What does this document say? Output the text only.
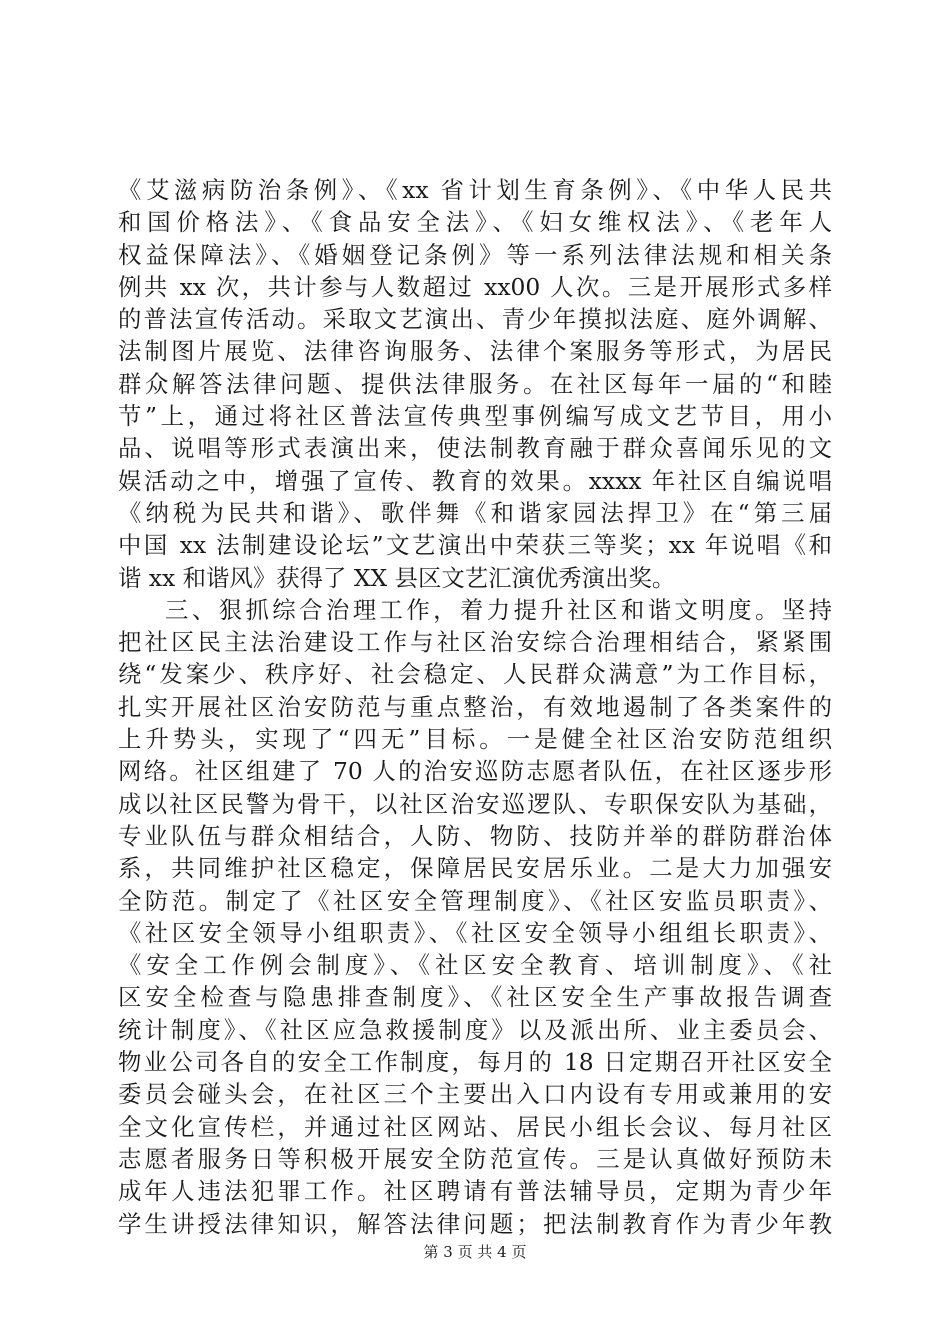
《艾滋病防治条例》、《xx 省计划生育条例》、《中华人民共
和国价格法》、《食品安全法》、《妇女维权法》、《老年人
权益保障法》、《婚姻登记条例》等一系列法律法规和相关条
例共 xx 次，共计参与人数超过 xx00 人次。三是开展形式多样
的普法宣传活动。采取文艺演出、青少年摸拟法庭、庭外调解、
法制图片展览、法律咨询服务、法律个案服务等形式，为居民
群众解答法律问题、提供法律服务。在社区每年一届的“和睦
节”上，通过将社区普法宣传典型事例编写成文艺节目，用小
品、说唱等形式表演出来，使法制教育融于群众喜闻乐见的文
娱活动之中，增强了宣传、教育的效果。xxxx 年社区自编说唱
《纳税为民共和谐》、歌伴舞《和谐家园法捍卫》在“第三届
中国 xx 法制建设论坛”文艺演出中荣获三等奖；xx 年说唱《和
谐 xx 和谐风》获得了 XX 县区文艺汇演优秀演出奖。
三、狠抓综合治理工作，着力提升社区和谐文明度。坚持
把社区民主法治建设工作与社区治安综合治理相结合，紧紧围
绕“发案少、秩序好、社会稳定、人民群众满意”为工作目标，
扎实开展社区治安防范与重点整治，有效地遏制了各类案件的
上升势头，实现了“四无”目标。一是健全社区治安防范组织
网络。社区组建了 70 人的治安巡防志愿者队伍，在社区逐步形
成以社区民警为骨干，以社区治安巡逻队、专职保安队为基础，
专业队伍与群众相结合，人防、物防、技防并举的群防群治体
系，共同维护社区稳定，保障居民安居乐业。二是大力加强安
全防范。制定了《社区安全管理制度》、《社区安监员职责》、
《社区安全领导小组职责》、《社区安全领导小组组长职责》、
《安全工作例会制度》、《社区安全教育、培训制度》、《社
区安全检查与隐患排查制度》、《社区安全生产事故报告调查
统计制度》、《社区应急救援制度》以及派出所、业主委员会、
物业公司各自的安全工作制度，每月的 18 日定期召开社区安全
委员会碰头会，在社区三个主要出入口内设有专用或兼用的安
全文化宣传栏，并通过社区网站、居民小组长会议、每月社区
志愿者服务日等积极开展安全防范宣传。三是认真做好预防未
成年人违法犯罪工作。社区聘请有普法辅导员，定期为青少年
学生讲授法律知识，解答法律问题；把法制教育作为青少年教
第 3 页 共 4 页
